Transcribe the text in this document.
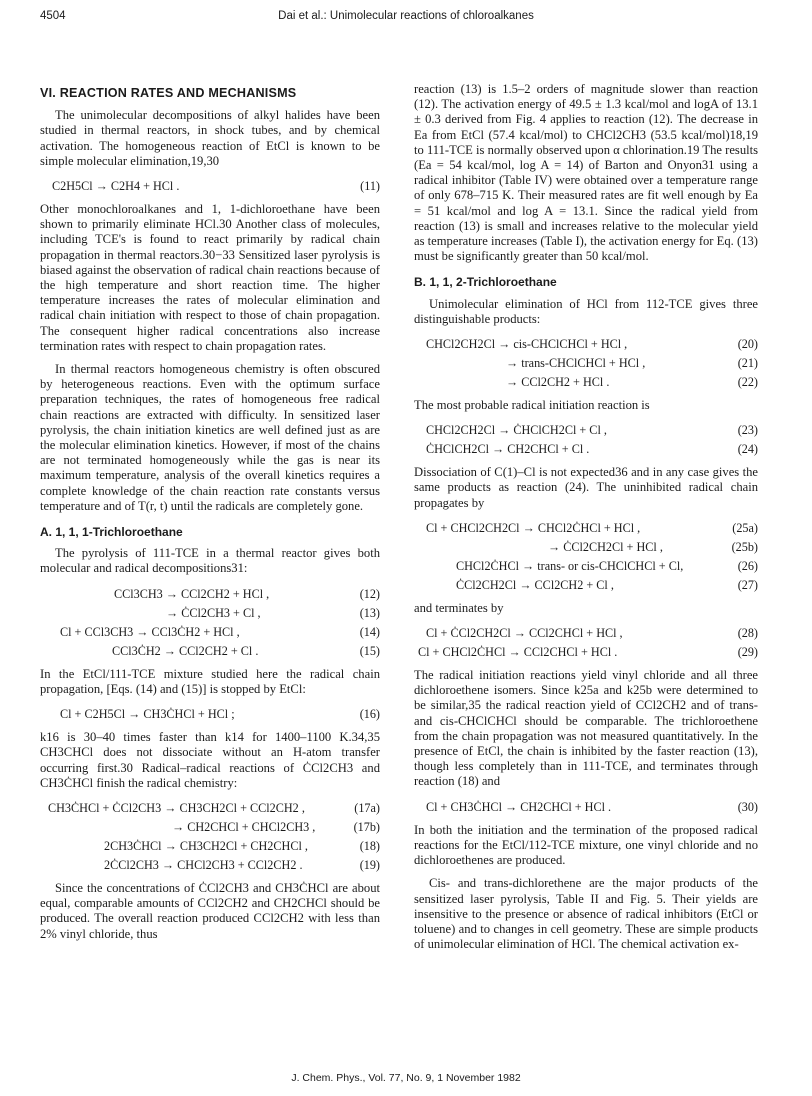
4504	Dai et al.: Unimolecular reactions of chloroalkanes
VI. REACTION RATES AND MECHANISMS

The unimolecular decompositions of alkyl halides have been studied in thermal reactors, in shock tubes, and by chemical activation. The homogeneous reaction of EtCl is known to be simple molecular elimination,19,30

C2H5Cl → C2H4 + HCl .	(11)

Other monochloroalkanes and 1, 1-dichloroethane have been shown to primarily eliminate HCl.30 Another class of molecules, including TCE's is found to react primarily by radical chain propagation in thermal reactors.30−33 Sensitized laser pyrolysis is biased against the observation of radical chain reactions because of the high temperature and short reaction time. The higher temperature increases the rates of molecular elimination and radical chain initiation with respect to those of chain propagation. The consequent higher radical concentrations also increase termination rates with respect to chain propagation rates.

In thermal reactors homogeneous chemistry is often obscured by heterogeneous reactions. Even with the optimum surface preparation techniques, the rates of homogeneous free radical chain reactions are extracted with difficulty. In sensitized laser pyrolysis, the chain initiation kinetics are well defined just as are the molecular elimination kinetics. However, if most of the chains are not terminated homogeneously while the gas is near its maximum temperature, analysis of the overall kinetics requires a complete knowledge of the chain reaction rate constants versus temperature and of T(r, t) until the radicals are completely gone.

A. 1, 1, 1-Trichloroethane

The pyrolysis of 111-TCE in a thermal reactor gives both molecular and radical decompositions31:

CCl3CH3 → CCl2CH2 + HCl ,	(12)
→ ĊCl2CH3 + Cl ,	(13)
Cl + CCl3CH3 → CCl3ĊH2 + HCl ,	(14)
CCl3ĊH2 → CCl2CH2 + Cl .	(15)

In the EtCl/111-TCE mixture studied here the radical chain propagation, [Eqs. (14) and (15)] is stopped by EtCl:

Cl + C2H5Cl → CH3ĊHCl + HCl ;	(16)

k16 is 30–40 times faster than k14 for 1400–1100 K.34,35 CH3CHCl does not dissociate without an H-atom transfer occurring first.30 Radical–radical reactions of ĊCl2CH3 and CH3ĊHCl finish the radical chemistry:

CH3ĊHCl + ĊCl2CH3 → CH3CH2Cl + CCl2CH2 ,	(17a)
→ CH2CHCl + CHCl2CH3 ,	(17b)
2CH3ĊHCl → CH3CH2Cl + CH2CHCl ,	(18)
2ĊCl2CH3 → CHCl2CH3 + CCl2CH2 .	(19)

Since the concentrations of ĊCl2CH3 and CH3ĊHCl are about equal, comparable amounts of CCl2CH2 and CH2CHCl should be produced. The overall reaction produced CCl2CH2 with less than 2% vinyl chloride, thus

reaction (13) is 1.5–2 orders of magnitude slower than reaction (12). The activation energy of 49.5 ± 1.3 kcal/mol and logA of 13.1 ± 0.3 derived from Fig. 4 applies to reaction (12). The decrease in Ea from EtCl (57.4 kcal/mol) to CHCl2CH3 (53.5 kcal/mol)18,19 to 111-TCE is normally observed upon α chlorination.19 The results (Ea = 54 kcal/mol, log A = 14) of Barton and Onyon31 using a radical inhibitor (Table IV) were obtained over a temperature range of only 678–715 K. Their measured rates are fit well enough by Ea = 51 kcal/mol and log A = 13.1. Since the radical yield from reaction (13) is small and increases relative to the molecular yield as temperature increases (Table I), the activation energy for Eq. (13) must be significantly greater than 50 kcal/mol.

B. 1, 1, 2-Trichloroethane

Unimolecular elimination of HCl from 112-TCE gives three distinguishable products:

CHCl2CH2Cl → cis-CHClCHCl + HCl ,	(20)
→ trans-CHClCHCl + HCl ,	(21)
→ CCl2CH2 + HCl .	(22)

The most probable radical initiation reaction is

CHCl2CH2Cl → ĊHClCH2Cl + Cl ,	(23)
ĊHClCH2Cl → CH2CHCl + Cl .	(24)

Dissociation of C(1)–Cl is not expected36 and in any case gives the same products as reaction (24). The uninhibited radical chain propagates by

Cl + CHCl2CH2Cl → CHCl2ĊHCl + HCl ,	(25a)
→ ĊCl2CH2Cl + HCl ,	(25b)
CHCl2ĊHCl → trans- or cis-CHClCHCl + Cl,	(26)
ĊCl2CH2Cl → CCl2CH2 + Cl ,	(27)

and terminates by

Cl + ĊCl2CH2Cl → CCl2CHCl + HCl ,	(28)
Cl + CHCl2ĊHCl → CCl2CHCl + HCl .	(29)

The radical initiation reactions yield vinyl chloride and all three dichloroethene isomers. Since k25a and k25b were determined to be similar,35 the radical reaction yield of CCl2CH2 and of trans- and cis-CHClCHCl should be comparable. The trichloroethene from the chain propagation was not measured quantitatively. In the presence of EtCl, the chain is inhibited by the faster reaction (13), though less completely than in 111-TCE, and terminates through reaction (18) and

Cl + CH3ĊHCl → CH2CHCl + HCl .	(30)

In both the initiation and the termination of the proposed radical reactions for the EtCl/112-TCE mixture, one vinyl chloride and no dichloroethenes are produced.

Cis- and trans-dichlorethene are the major products of the sensitized laser pyrolysis, Table II and Fig. 5. Their yields are insensitive to the presence or absence of radical inhibitors (EtCl or toluene) and to changes in cell geometry. These are simple products of unimolecular elimination of HCl. The chemical activation ex-

J. Chem. Phys., Vol. 77, No. 9, 1 November 1982
